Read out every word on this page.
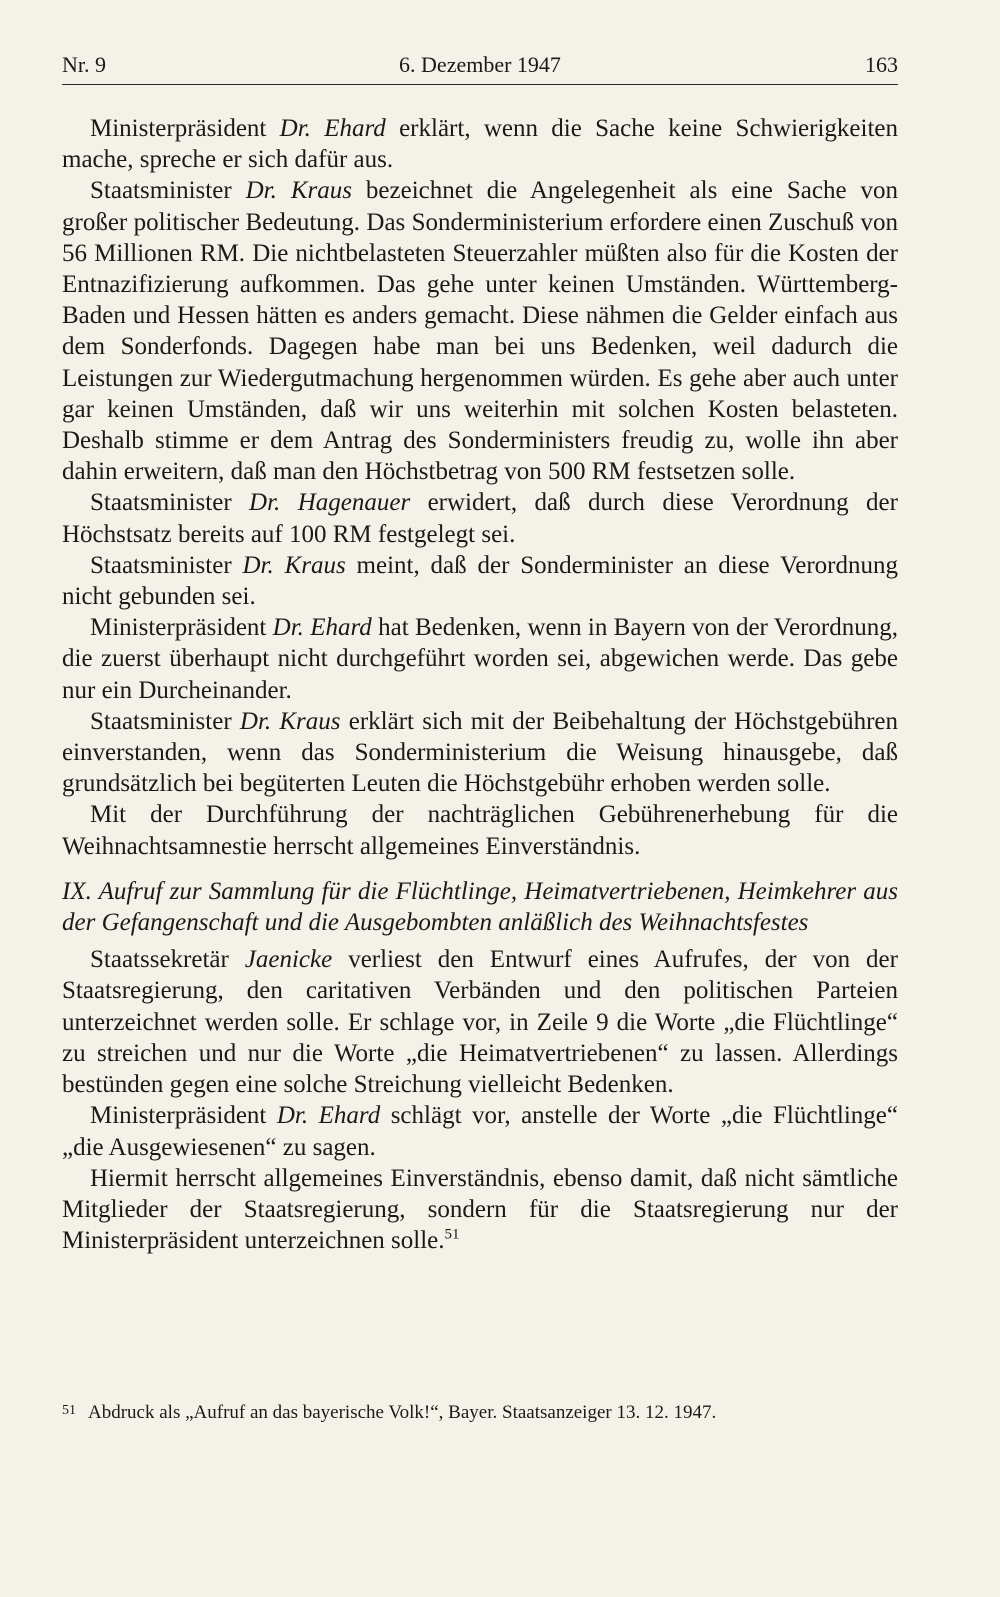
Nr. 9	6. Dezember 1947	163

Ministerpräsident Dr. Ehard erklärt, wenn die Sache keine Schwierigkeiten mache, spreche er sich dafür aus.

Staatsminister Dr. Kraus bezeichnet die Angelegenheit als eine Sache von großer politischer Bedeutung. Das Sonderministerium erfordere einen Zuschuß von 56 Millionen RM. Die nichtbelasteten Steuerzahler müßten also für die Kosten der Entnazifizierung aufkommen. Das gehe unter keinen Umständen. Württemberg-Baden und Hessen hätten es anders gemacht. Diese nähmen die Gelder einfach aus dem Sonderfonds. Dagegen habe man bei uns Bedenken, weil dadurch die Leistungen zur Wiedergutmachung hergenommen würden. Es gehe aber auch unter gar keinen Umständen, daß wir uns weiterhin mit solchen Kosten belasteten. Deshalb stimme er dem Antrag des Sonderministers freudig zu, wolle ihn aber dahin erweitern, daß man den Höchstbetrag von 500 RM festsetzen solle.

Staatsminister Dr. Hagenauer erwidert, daß durch diese Verordnung der Höchstsatz bereits auf 100 RM festgelegt sei.

Staatsminister Dr. Kraus meint, daß der Sonderminister an diese Verordnung nicht gebunden sei.

Ministerpräsident Dr. Ehard hat Bedenken, wenn in Bayern von der Verordnung, die zuerst überhaupt nicht durchgeführt worden sei, abgewichen werde. Das gebe nur ein Durcheinander.

Staatsminister Dr. Kraus erklärt sich mit der Beibehaltung der Höchstgebühren einverstanden, wenn das Sonderministerium die Weisung hinausgebe, daß grundsätzlich bei begüterten Leuten die Höchstgebühr erhoben werden solle.

Mit der Durchführung der nachträglichen Gebührenerhebung für die Weihnachtsamnestie herrscht allgemeines Einverständnis.

IX. Aufruf zur Sammlung für die Flüchtlinge, Heimatvertriebenen, Heimkehrer aus der Gefangenschaft und die Ausgebombten anläßlich des Weihnachtsfestes

Staatssekretär Jaenicke verliest den Entwurf eines Aufrufes, der von der Staatsregierung, den caritativen Verbänden und den politischen Parteien unterzeichnet werden solle. Er schlage vor, in Zeile 9 die Worte „die Flüchtlinge“ zu streichen und nur die Worte „die Heimatvertriebenen“ zu lassen. Allerdings bestünden gegen eine solche Streichung vielleicht Bedenken.

Ministerpräsident Dr. Ehard schlägt vor, anstelle der Worte „die Flüchtlinge“ „die Ausgewiesenen“ zu sagen.

Hiermit herrscht allgemeines Einverständnis, ebenso damit, daß nicht sämtliche Mitglieder der Staatsregierung, sondern für die Staatsregierung nur der Ministerpräsident unterzeichnen solle.$^{51}$

51 Abdruck als „Aufruf an das bayerische Volk!“, Bayer. Staatsanzeiger 13. 12. 1947.
